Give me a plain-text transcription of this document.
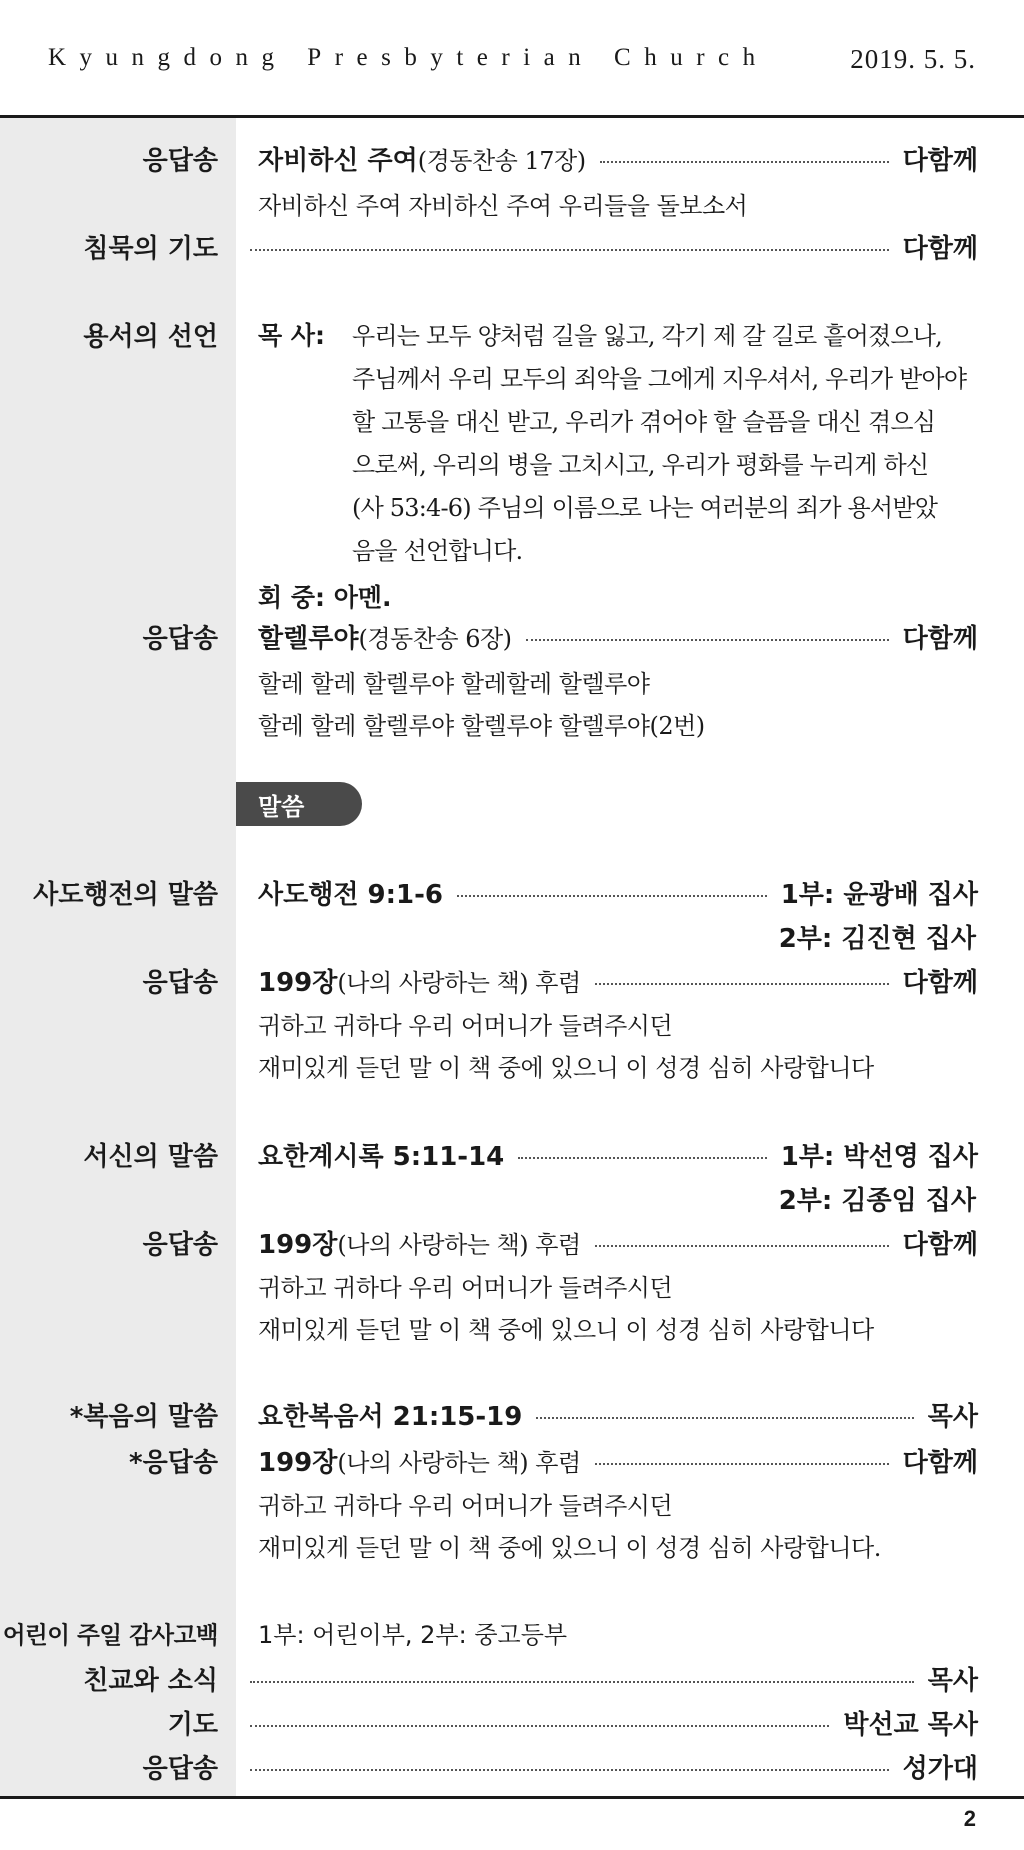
Kyungdong Presbyterian Church	2019. 5. 5.
응답송 자비하신 주여 (경동찬송 17장)	다함께
자비하신 주여 자비하신 주여 우리들을 돌보소서
침묵의 기도	다함께
용서의 선언 목 사: 우리는 모두 양처럼 길을 잃고, 각기 제 갈 길로 흩어졌으나,
주님께서 우리 모두의 죄악을 그에게 지우셔서, 우리가 받아야
할 고통을 대신 받고, 우리가 겪어야 할 슬픔을 대신 겪으심
으로써, 우리의 병을 고치시고, 우리가 평화를 누리게 하신
(사 53:4-6) 주님의 이름으로 나는 여러분의 죄가 용서받았
음을 선언합니다.
회 중: 아멘.
응답송 할렐루야 (경동찬송 6장)	다함께
할레 할레 할렐루야 할레할레 할렐루야
할레 할레 할렐루야 할렐루야 할렐루야(2번)
말씀
사도행전의 말씀 사도행전 9:1-6	1부: 윤광배 집사
2부: 김진현 집사
응답송 199장 (나의 사랑하는 책) 후렴	다함께
귀하고 귀하다 우리 어머니가 들려주시던
재미있게 듣던 말 이 책 중에 있으니 이 성경 심히 사랑합니다
서신의 말씀 요한계시록 5:11-14	1부: 박선영 집사
2부: 김종임 집사
응답송 199장 (나의 사랑하는 책) 후렴	다함께
귀하고 귀하다 우리 어머니가 들려주시던
재미있게 듣던 말 이 책 중에 있으니 이 성경 심히 사랑합니다
*복음의 말씀 요한복음서 21:15-19	목사
*응답송 199장 (나의 사랑하는 책) 후렴	다함께
귀하고 귀하다 우리 어머니가 들려주시던
재미있게 듣던 말 이 책 중에 있으니 이 성경 심히 사랑합니다.
어린이 주일 감사고백 1부: 어린이부, 2부: 중고등부
친교와 소식	목사
기도	박선교 목사
응답송	성가대
2
